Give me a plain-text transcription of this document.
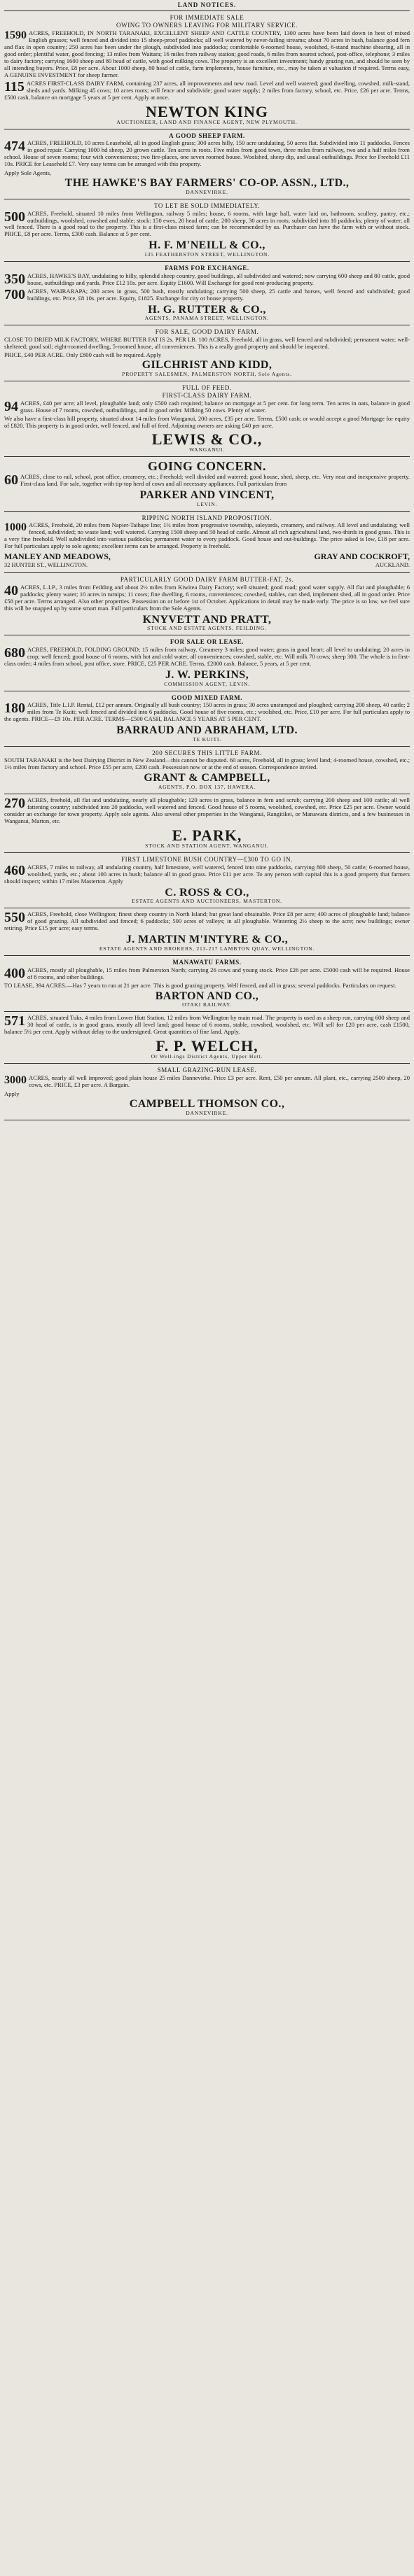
LAND NOTICES.
FOR IMMEDIATE SALE
OWING TO OWNERS LEAVING FOR MILITARY SERVICE.
1590 ACRES, FREEHOLD, IN NORTH TARANAKI, EXCELLENT SHEEP AND CATTLE COUNTRY, 1300 acres have been laid down in best of mixed English grasses; well fenced and divided into 15 sheep-proof paddocks; all well watered by never-failing streams; about 70 acres in bush, balance good fern and flax in open country; 250 acres has been under the plough, subdivided into paddocks; comfortable 6-roomed house, woolshed, 6-stand machine shearing, all in good order; plentiful water, good fencing; 13 miles from Waitara; 16 miles from railway station; good roads, 6 miles from nearest school, post-office, telephone; 3 miles to dairy factory; carrying 1600 sheep and 80 head of cattle, with good milking cows. The property is an excellent investment; handy grazing run, and should be seen by all intending buyers. Price, £8 per acre. About 1000 sheep, 80 head of cattle, farm implements, house furniture, etc., may be taken at valuation if required. Terms easy, A GENUINE INVESTMENT for sheep farmer.
115 ACRES FIRST-CLASS DAIRY FARM, containing 237 acres, all improvements and new road. Level and well watered; good dwelling, cowshed, milk-stand, sheds and yards. Milking 45 cows; 10 acres roots; will fence and subdivide; good water supply; 2 miles from factory, school, etc. Price, £26 per acre. Terms, £500 cash, balance on mortgage 5 years at 5 per cent. Apply at once.
NEWTON KING
AUCTIONEER, LAND AND FINANCE AGENT, NEW PLYMOUTH.
A GOOD SHEEP FARM.
474 ACRES, FREEHOLD, 10 acres Leasehold, all in good English grass; 300 acres hilly, 150 acre undulating, 50 acres flat. Subdivided into 11 paddocks. Fences in good repair. Carrying 1000 hd sheep, 20 grown cattle. Ten acres in roots. Five miles from good town, three miles from railway, two and a half miles from school. House of seven rooms; four with conveniences; two fire-places, one seven roomed house. Woolshed, sheep dip, and usual outbuildings. Price for Freehold £11 10s. PRICE for Leasehold £7. Very easy terms can be arranged with this property.
Apply Sole Agents,
THE HAWKE'S BAY FARMERS' CO-OP. ASSN., LTD.,
DANNEVIRKE.
TO LET BE SOLD IMMEDIATELY.
500 ACRES, Freehold, situated 10 miles from Wellington, railway 5 miles; house, 6 rooms, with large hall, water laid on, bathroom, scullery, pantry, etc.; outbuildings, woolshed, cowshed and stable; stock: 150 ewes, 20 head of cattle, 200 sheep, 30 acres in roots; subdivided into 10 paddocks; plenty of water; all well fenced. There is a good road to the property. This is a first-class mixed farm; can be recommended by us. Purchaser can have the farm with or without stock. PRICE, £8 per acre. Terms, £300 cash. Balance at 5 per cent.
H. F. M'NEILL & CO.,
135 FEATHERSTON STREET, WELLINGTON.
FARMS FOR EXCHANGE.
350 ACRES, HAWKE'S BAY, undulating to hilly, splendid sheep country, good buildings, all subdivided and watered; now carrying 600 sheep and 80 cattle, good house, outbuildings and yards. Price £12 10s. per acre. Equity £1600. Will Exchange for good rent-producing property.
700 ACRES, WAIRARAPA; 200 acres in grass, 500 bush, mostly undulating; carrying 500 sheep, 25 cattle and horses, well fenced and subdivided; good buildings, etc. Price, £8 10s. per acre. Equity, £1825. Exchange for city or house property.
H. G. RUTTER & CO.,
AGENTS, PANAMA STREET, WELLINGTON.
FOR SALE, GOOD DAIRY FARM.
CLOSE TO DRIED MILK FACTORY, WHERE BUTTER FAT IS 2s. PER LB. 100 ACRES, Freehold, all in grass, well fenced and subdivided; permanent water; well-sheltered; good soil; eight-roomed dwelling, 5-roomed house, all conveniences. This is a really good property and should be inspected.
PRICE, £40 PER ACRE. Only £800 cash will be required. Apply
GILCHRIST AND KIDD,
PROPERTY SALESMEN, PALMERSTON NORTH, Sole Agents.
FULL OF FEED.
FIRST-CLASS DAIRY FARM.
94 ACRES, £40 per acre; all level, ploughable land; only £500 cash required; balance on mortgage at 5 per cent. for long term. Ten acres in oats, balance in good grass. House of 7 rooms, cowshed, outbuildings, and in good order. Milking 50 cows. Plenty of water.
We also have a first-class hill property, situated about 14 miles from Wanganui, 200 acres, £35 per acre. Terms, £500 cash; or would accept a good Mortgage for equity of £820. This property is in good order, well fenced, and full of feed. Adjoining owners are asking £40 per acre.
LEWIS & CO.,
WANGANUI.
GOING CONCERN.
60 ACRES, close to rail, school, post office, creamery, etc.; Freehold; well divided and watered; good house, shed, sheep, etc. Very neat and inexpensive property. First-class land. For sale, together with tip-top herd of cows and all necessary appliances. Full particulars from
PARKER AND VINCENT,
LEVIN.
RIPPING NORTH ISLAND PROPOSITION.
1000 ACRES, Freehold, 20 miles from Napier-Taihape line; 1½ miles from progressive township, saleyards, creamery, and railway. All level and undulating; well fenced, subdivided; no waste land; well watered. Carrying 1500 sheep and 50 head of cattle. Almost all rich agricultural land, two-thirds in good grass. This is a very fine freehold. Well subdivided into various paddocks; permanent water to every paddock. Good house and out-buildings. The price asked is low, £18 per acre. For full particulars apply to sole agents; excellent terms can be arranged. Property is freehold.
MANLEY AND MEADOWS,	GRAY AND COCKROFT,
32 HUNTER ST., WELLINGTON.	AUCKLAND.
PARTICULARLY GOOD DAIRY FARM BUTTER-FAT, 2s.
40 ACRES, L.I.P., 3 miles from Feilding and about 2½ miles from Kiwitea Dairy Factory; well situated; good road; good water supply. All flat and ploughable; 6 paddocks; plenty water; 10 acres in turnips; 11 cows; fine dwelling, 6 rooms, conveniences; cowshed, stables, cart shed, implement shed, all in good order. Price £58 per acre. Terms arranged. Also other properties. Possession on or before 1st of October. Applications in detail may be made early. The price is so low, we feel sure this will be snapped up by some smart man. Full particulars from the Sole Agents.
KNYVETT AND PRATT,
STOCK AND ESTATE AGENTS, FEILDING.
FOR SALE OR LEASE.
680 ACRES, FREEHOLD, FOLDING GROUND; 15 miles from railway. Creamery 3 miles; good water; grass in good heart; all level to undulating; 20 acres in crop; well fenced; good house of 6 rooms, with hot and cold water, all conveniences; cowshed, stable, etc. Will milk 70 cows; sheep 300. The whole is in first-class order; 4 miles from school, post office, store. PRICE, £25 PER ACRE. Terms, £2000 cash. Balance, 5 years, at 5 per cent.
J. W. PERKINS,
COMMISSION AGENT, LEVIN.
GOOD MIXED FARM.
180 ACRES, Title L.I.P. Rental, £12 per annum. Originally all bush country; 150 acres in grass; 30 acres unstumped and ploughed; carrying 200 sheep, 40 cattle; 2 miles from Te Kuiti; well fenced and divided into 6 paddocks. Good house of five rooms, etc.; woolshed, etc. Price, £10 per acre. For full particulars apply to the agents. PRICE—£9 10s. PER ACRE. TERMS—£500 CASH, BALANCE 5 YEARS AT 5 PER CENT.
BARRAUD AND ABRAHAM, LTD.
TE KUITI.
200 SECURES THIS LITTLE FARM.
SOUTH TARANAKI is the best Dairying District in New Zealand—this cannot be disputed. 60 acres, Freehold, all in grass; level land; 4-roomed house, cowshed, etc.; 1½ miles from factory and school. Price £55 per acre, £200 cash. Possession now or at the end of season. Correspondence invited.
GRANT & CAMPBELL,
AGENTS, P.O. BOX 137, HAWERA.
270 ACRES, freehold, all flat and undulating, nearly all ploughable; 120 acres in grass, balance in fern and scrub; carrying 200 sheep and 100 cattle; all well fattening country; subdivided into 20 paddocks, well watered and fenced. Good house of 5 rooms, woolshed, cowshed, etc. Price £25 per acre. Owner would consider an exchange for town property. Apply sole agents. Also several other properties in the Wanganui, Rangitikei, or Manawatu districts, and a few businesses in Wanganui, Marton, etc.
E. PARK,
STOCK AND STATION AGENT, WANGANUI.
FIRST LIMESTONE BUSH COUNTRY—£300 TO GO IN.
460 ACRES, 7 miles to railway, all undulating country, half limestone, well watered, fenced into nine paddocks, carrying 800 sheep, 50 cattle; 6-roomed house, woolshed, yards, etc.; about 100 acres in bush; balance all in good grass. Price £11 per acre. To any person with capital this is a good property that farmers should inspect; within 17 miles Masterton. Apply
C. ROSS & CO.,
ESTATE AGENTS AND AUCTIONEERS, MASTERTON.
550 ACRES, Freehold, close Wellington; finest sheep country in North Island; but great land obtainable. Price £8 per acre; 400 acres of ploughable land; balance of good grazing. All subdivided and fenced; 6 paddocks; 500 acres of valleys; in all ploughable. Wintering 2½ sheep to the acre; new buildings; owner retiring. Price £15 per acre; easy terms.
J. MARTIN M'INTYRE & CO.,
ESTATE AGENTS AND BROKERS, 213-217 LAMBTON QUAY, WELLINGTON.
MANAWATU FARMS.
400 ACRES, mostly all ploughable, 15 miles from Palmerston North; carrying 26 cows and young stock. Price £26 per acre. £5000 cash will be required. House of 8 rooms, and other buildings.
TO LEASE, 394 ACRES.—Has 7 years to run at 21 per acre. This is good grazing property. Well fenced, and all in grass; several paddocks. Particulars on request.
BARTON AND CO.,
OTAKI RAILWAY.
571 ACRES, situated Tuks, 4 miles from Lower Hutt Station, 12 miles from Wellington by main road. The property is used as a sheep run, carrying 600 sheep and 30 head of cattle, is in good grass, mostly all level land; good house of 6 rooms, stable, cowshed, woolshed, etc. Will sell for £20 per acre, cash £1500, balance 5½ per cent. Apply without delay to the undersigned. Great quantities of fine land. Apply.
F. P. WELCH,
Or Well-ings District Agents, Upper Hutt.
SMALL GRAZING-RUN LEASE.
3000 ACRES, nearly all well improved; good plain house 25 miles Dannevirke. Price £3 per acre. Rent, £50 per annum. All plant, etc., carrying 2500 sheep, 20 cows, etc. PRICE, £3 per acre. A Bargain.
Apply
CAMPBELL THOMSON CO.,
DANNEVIRKE.
